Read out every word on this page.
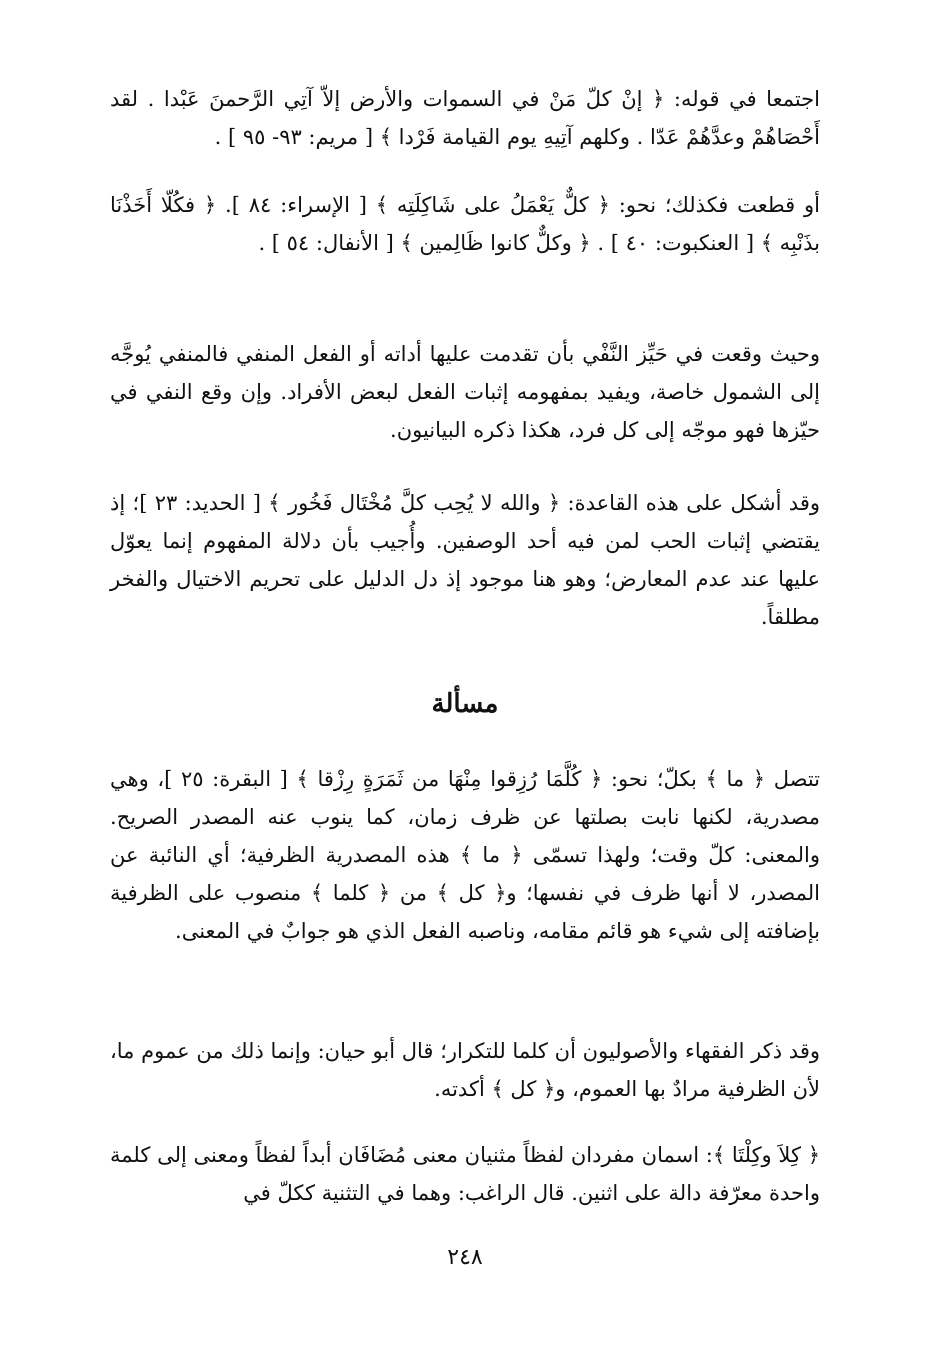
اجتمعا في قوله: ﴿ إنْ كلّ مَنْ في السموات والأرض إلاّ آتِي الرَّحمنَ عَبْدا . لقد أَحْصَاهُمْ وعدَّهُمْ عَدّا . وكلهم آتِيهِ يوم القيامة فَرْدا ﴾ [ مريم: ٩٣- ٩٥ ] .

أو قطعت فكذلك؛ نحو: ﴿ كلٌّ يَعْمَلُ على شَاكِلَتِه ﴾ [ الإسراء: ٨٤ ]. ﴿ فكُلّا أَخَذْنَا بذَنْبِه ﴾ [ العنكبوت: ٤٠ ] . ﴿ وكلٌّ كانوا ظَالِمين ﴾ [ الأنفال: ٥٤ ] .

وحيث وقعت في حَيِّز النَّفْي بأن تقدمت عليها أداته أو الفعل المنفي فالمنفي يُوجَّه إلى الشمول خاصة، ويفيد بمفهومه إثبات الفعل لبعض الأفراد. وإن وقع النفي في حيّزها فهو موجّه إلى كل فرد، هكذا ذكره البيانيون.

وقد أشكل على هذه القاعدة: ﴿ والله لا يُحِب كلَّ مُخْتَال فَخُور ﴾ [ الحديد: ٢٣ ]؛ إذ يقتضي إثبات الحب لمن فيه أحد الوصفين. وأُجيب بأن دلالة المفهوم إنما يعوّل عليها عند عدم المعارض؛ وهو هنا موجود إذ دل الدليل على تحريم الاختيال والفخر مطلقاً.

مسألة

تتصل ﴿ ما ﴾ بكلّ؛ نحو: ﴿ كُلَّمَا رُزِقوا مِنْهَا من ثَمَرَةٍ رِزْقا ﴾ [ البقرة: ٢٥ ]، وهي مصدرية، لكنها نابت بصلتها عن ظرف زمان، كما ينوب عنه المصدر الصريح. والمعنى: كلّ وقت؛ ولهذا تسمّى ﴿ ما ﴾ هذه المصدرية الظرفية؛ أي النائبة عن المصدر، لا أنها ظرف في نفسها؛ و﴿ كل ﴾ من ﴿ كلما ﴾ منصوب على الظرفية بإضافته إلى شيء هو قائم مقامه، وناصبه الفعل الذي هو جوابٌ في المعنى.

وقد ذكر الفقهاء والأصوليون أن كلما للتكرار؛ قال أبو حيان: وإنما ذلك من عموم ما، لأن الظرفية مرادٌ بها العموم، و﴿ كل ﴾ أكدته.

﴿ كِلاَ وكِلْتَا ﴾: اسمان مفردان لفظاً مثنيان معنى مُضَافَان أبداً لفظاً ومعنى إلى كلمة واحدة معرّفة دالة على اثنين. قال الراغب: وهما في التثنية ككلّ في

٢٤٨
